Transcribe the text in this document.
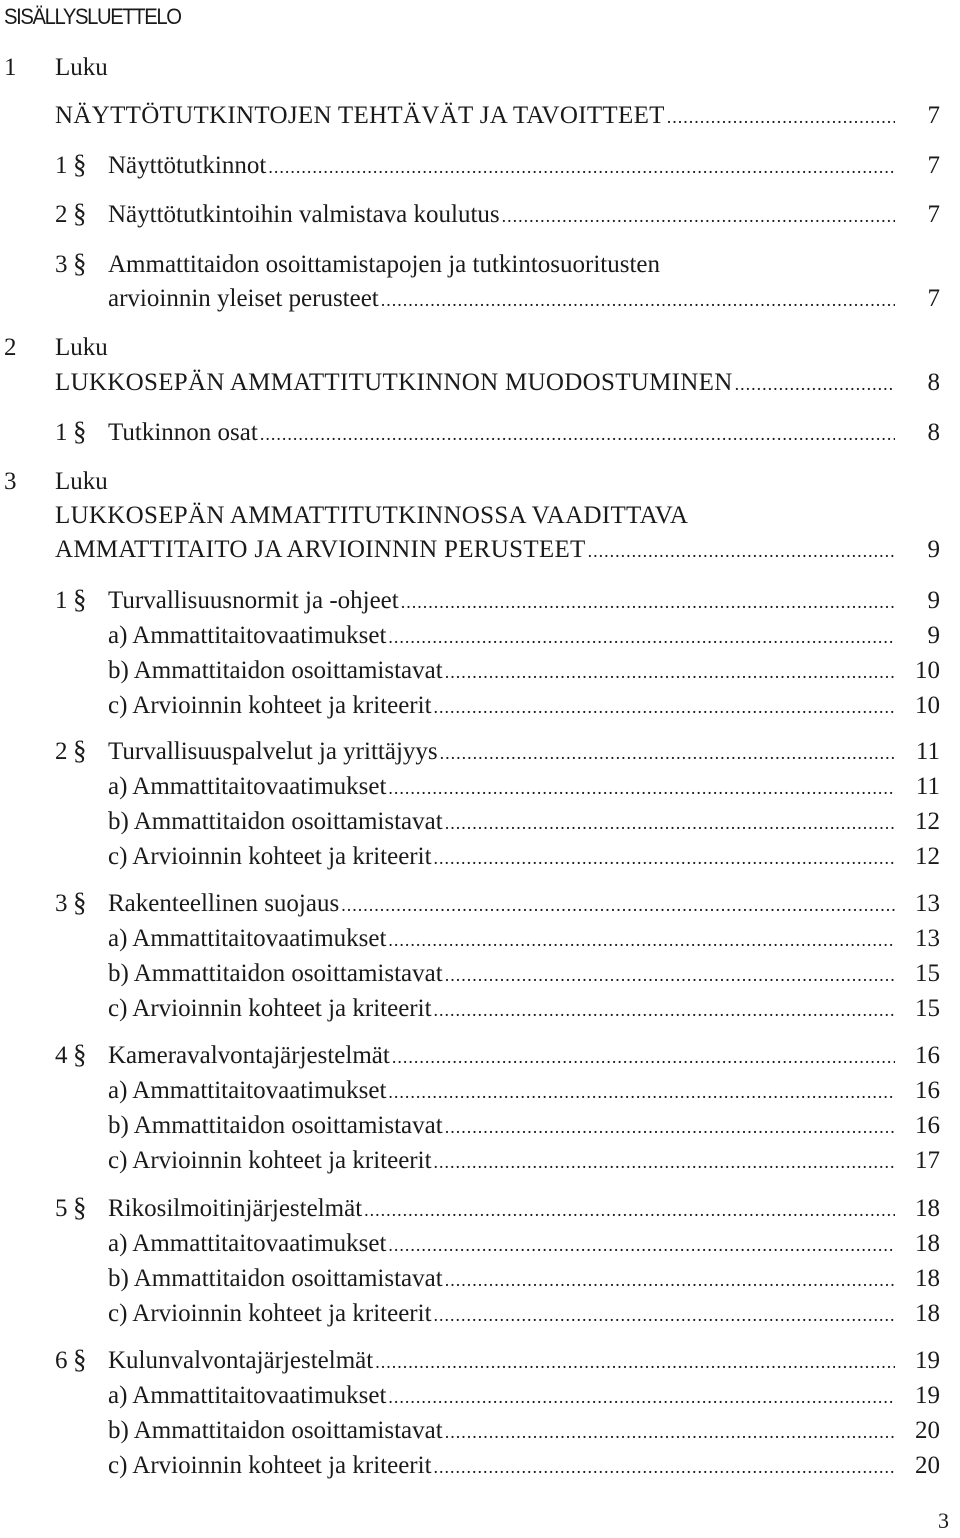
SISÄLLYSLUETTELO
1 Luku
NÄYTTÖTUTKINTOJEN TEHTÄVÄT JA TAVOITTEET .....	7
1 § Näyttötutkinnot .....	7
2 § Näyttötutkintoihin valmistava koulutus .....	7
3 § Ammattitaidon osoittamistapojen ja tutkintosuoritusten
arvioinnin yleiset perusteet .....	7
2 Luku
LUKKOSEPÄN AMMATTITUTKINNON MUODOSTUMINEN .....	8
1 § Tutkinnon osat .....	8
3 Luku
LUKKOSEPÄN AMMATTITUTKINNOSSA VAADITTAVA
AMMATTITAITO JA ARVIOINNIN PERUSTEET .....	9
1 § Turvallisuusnormit ja -ohjeet .....	9
a) Ammattitaitovaatimukset .....	9
b) Ammattitaidon osoittamistavat .....	10
c) Arvioinnin kohteet ja kriteerit .....	10
2 § Turvallisuuspalvelut ja yrittäjyys .....	11
a) Ammattitaitovaatimukset .....	11
b) Ammattitaidon osoittamistavat .....	12
c) Arvioinnin kohteet ja kriteerit .....	12
3 § Rakenteellinen suojaus .....	13
a) Ammattitaitovaatimukset .....	13
b) Ammattitaidon osoittamistavat .....	15
c) Arvioinnin kohteet ja kriteerit .....	15
4 § Kameravalvontajärjestelmät .....	16
a) Ammattitaitovaatimukset .....	16
b) Ammattitaidon osoittamistavat .....	16
c) Arvioinnin kohteet ja kriteerit .....	17
5 § Rikosilmoitinjärjestelmät .....	18
a) Ammattitaitovaatimukset .....	18
b) Ammattitaidon osoittamistavat .....	18
c) Arvioinnin kohteet ja kriteerit .....	18
6 § Kulunvalvontajärjestelmät .....	19
a) Ammattitaitovaatimukset .....	19
b) Ammattitaidon osoittamistavat .....	20
c) Arvioinnin kohteet ja kriteerit .....	20
3
